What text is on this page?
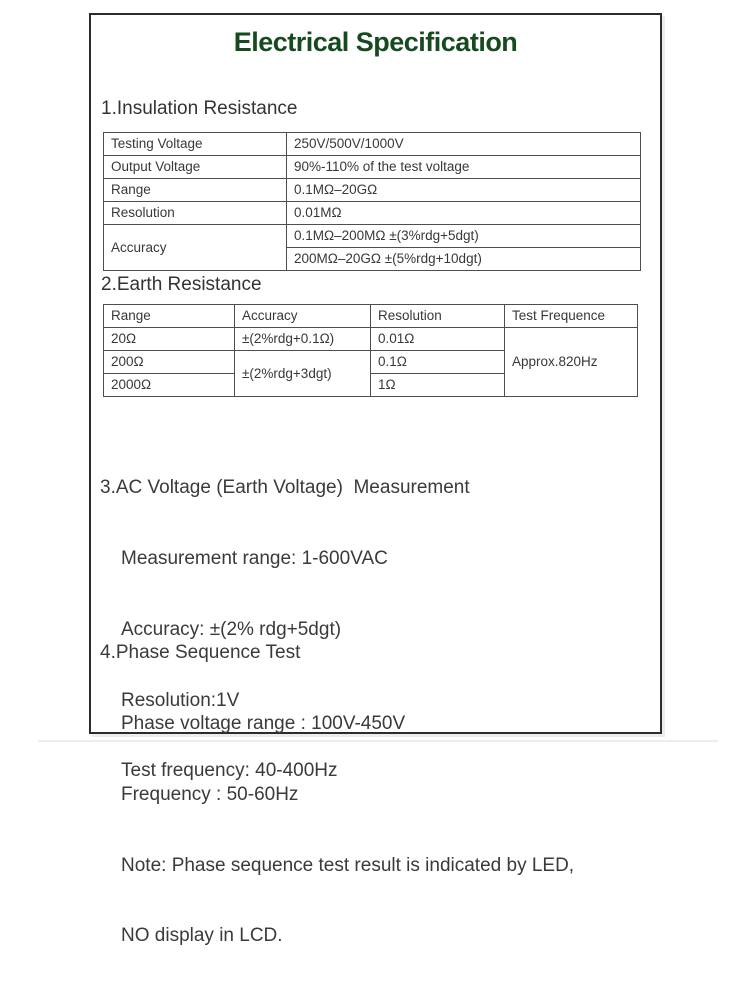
Electrical Specification
1.Insulation Resistance
Testing Voltage	250V/500V/1000V
Output Voltage	90%-110% of the test voltage
Range	0.1MΩ–20GΩ
Resolution	0.01MΩ
Accuracy	0.1MΩ–200MΩ ±(3%rdg+5dgt)
	200MΩ–20GΩ ±(5%rdg+10dgt)
2.Earth Resistance
Range	Accuracy	Resolution	Test Frequence
20Ω	±(2%rdg+0.1Ω)	0.01Ω	Approx.820Hz
200Ω	±(2%rdg+3dgt)	0.1Ω	
2000Ω		1Ω	

3.AC Voltage (Earth Voltage)  Measurement

Measurement range: 1-600VAC

Accuracy: ±(2% rdg+5dgt)

Resolution:1V

Test frequency: 40-400Hz

4.Phase Sequence Test

Phase voltage range : 100V-450V

Frequency : 50-60Hz

Note: Phase sequence test result is indicated by LED,

NO display in LCD.
